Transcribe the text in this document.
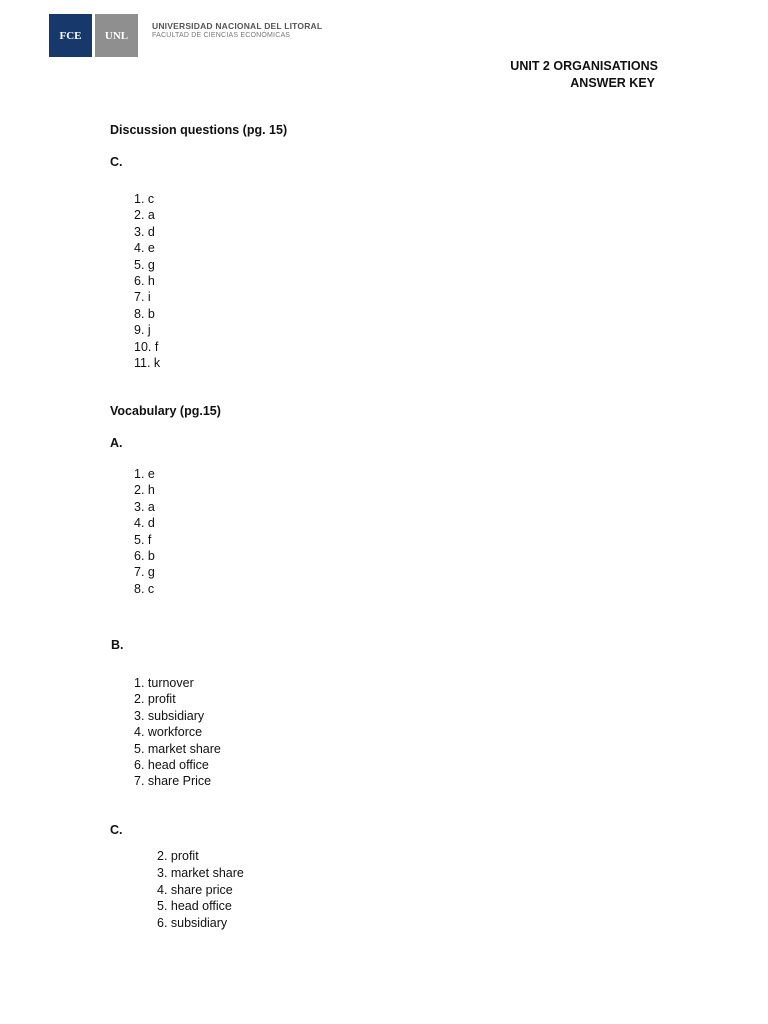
FCE	UNL
UNIVERSIDAD NACIONAL DEL LITORAL
FACULTAD DE CIENCIAS ECONÓMICAS
UNIT 2 ORGANISATIONS
ANSWER KEY
Discussion questions (pg. 15)
C.
1. c
2. a
3. d
4. e
5. g
6. h
7. i
8. b
9. j
10. f
11. k
Vocabulary (pg.15)
A.
1. e
2. h
3. a
4. d
5. f
6. b
7. g
8. c
B.
1. turnover
2. profit
3. subsidiary
4. workforce
5. market share
6. head office
7. share Price
C.
2. profit
3. market share
4. share price
5. head office
6. subsidiary
